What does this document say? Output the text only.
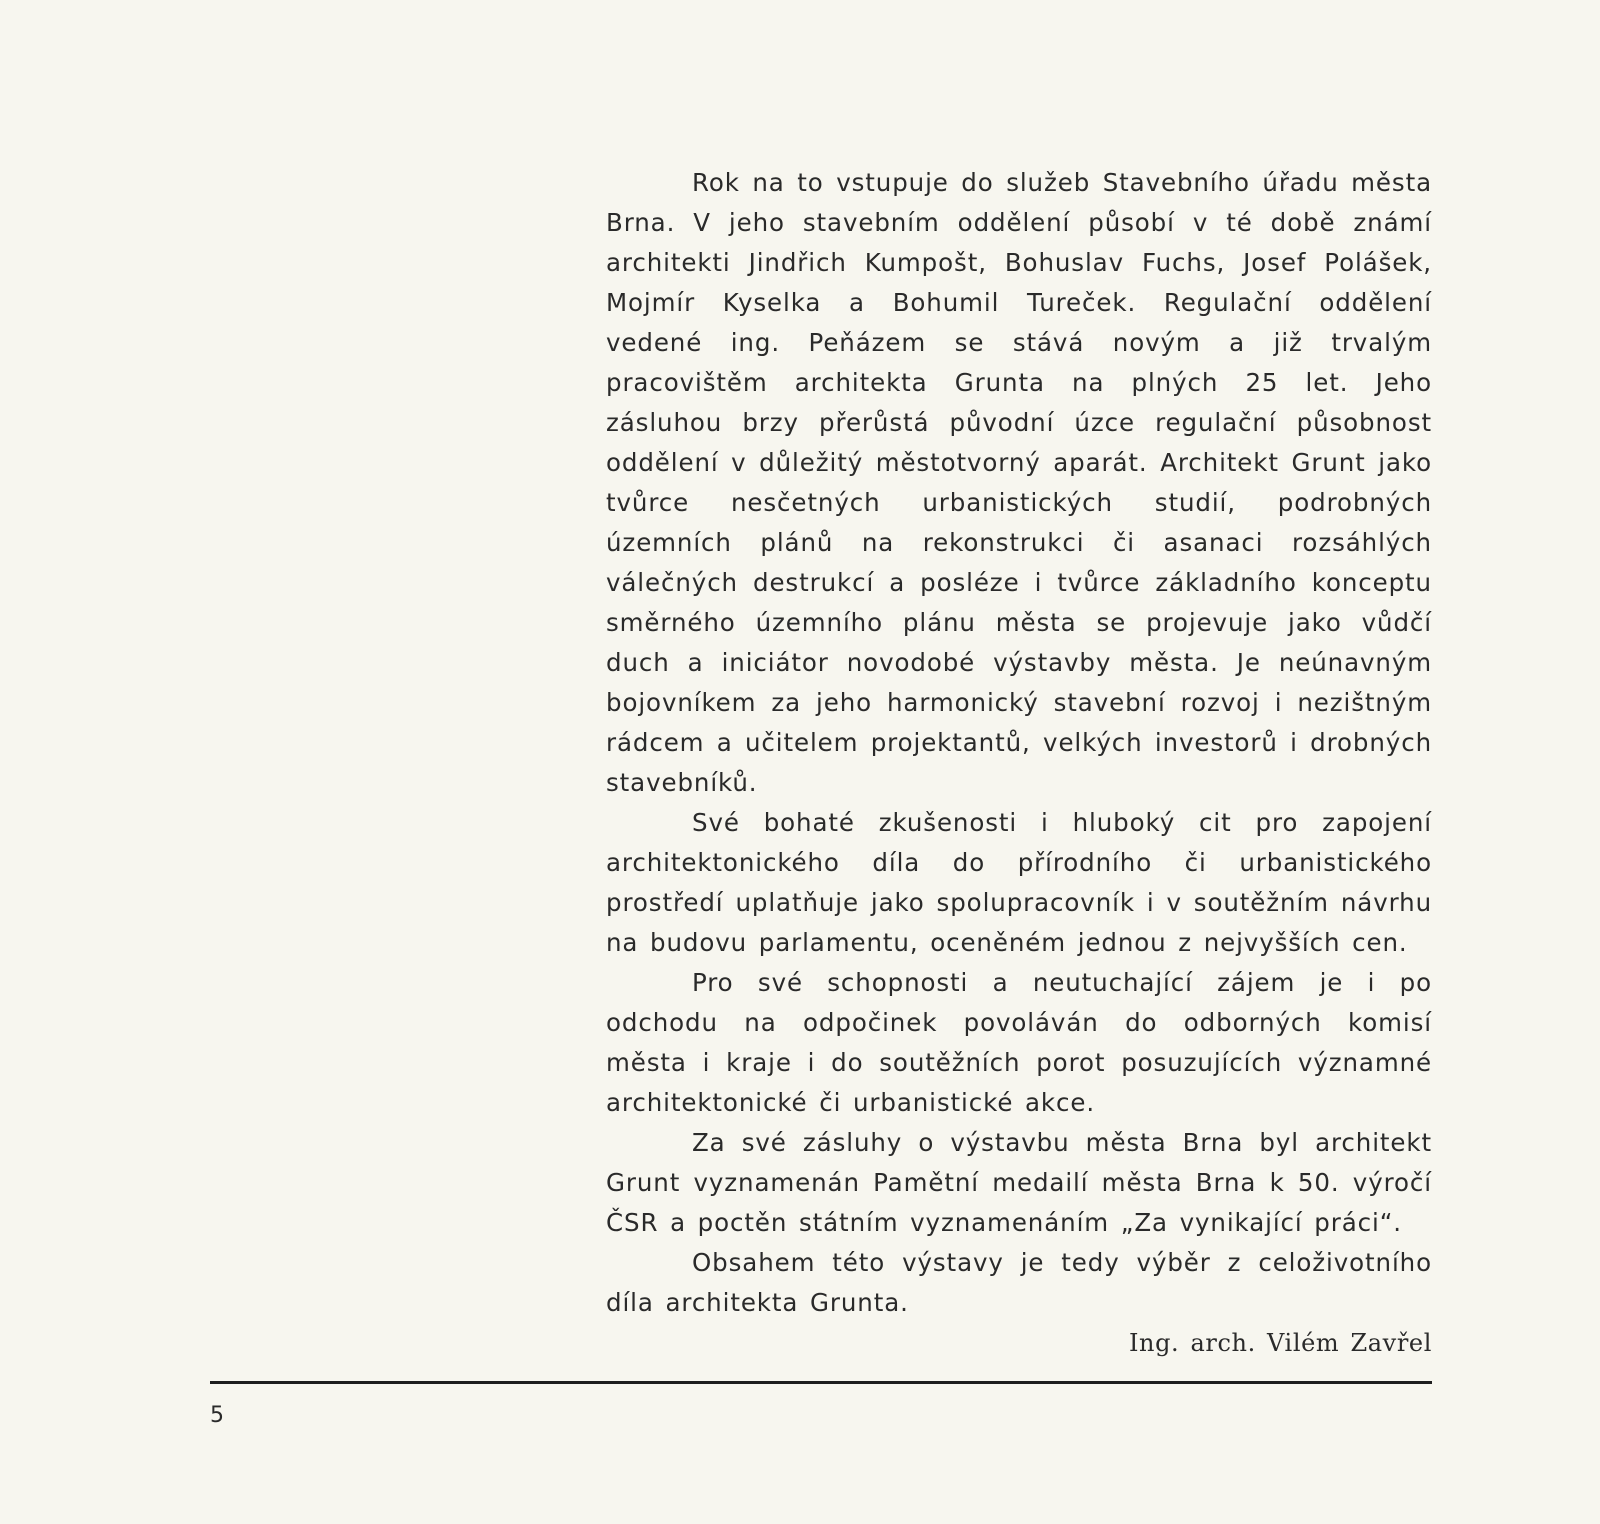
Rok na to vstupuje do služeb Stavebního úřadu města Brna. V jeho stavebním oddělení působí v té době známí architekti Jindřich Kumpošt, Bohuslav Fuchs, Josef Polášek, Mojmír Kyselka a Bohumil Tureček. Regulační oddělení vedené ing. Peňázem se stává novým a již trvalým pracovištěm architekta Grunta na plných 25 let. Jeho zásluhou brzy přerůstá původní úzce regulační působnost oddělení v důležitý městotvorný aparát. Architekt Grunt jako tvůrce nesčetných urbanistických studií, podrobných územních plánů na rekonstrukci či asanaci rozsáhlých válečných destrukcí a posléze i tvůrce základního konceptu směrného územního plánu města se projevuje jako vůdčí duch a iniciátor novodobé výstavby města. Je neúnavným bojovníkem za jeho harmonický stavební rozvoj i nezištným rádcem a učitelem projektantů, velkých investorů i drobných stavebníků.

Své bohaté zkušenosti i hluboký cit pro zapojení architektonického díla do přírodního či urbanistického prostředí uplatňuje jako spolupracovník i v soutěžním návrhu na budovu parlamentu, oceněném jednou z nejvyšších cen.

Pro své schopnosti a neutuchající zájem je i po odchodu na odpočinek povoláván do odborných komisí města i kraje i do soutěžních porot posuzujících významné architektonické či urbanistické akce.

Za své zásluhy o výstavbu města Brna byl architekt Grunt vyznamenán Pamětní medailí města Brna k 50. výročí ČSR a poctěn státním vyznamenáním „Za vynikající práci“.

Obsahem této výstavy je tedy výběr z celoživotního díla architekta Grunta.

Ing. arch. Vilém Zavřel

5
